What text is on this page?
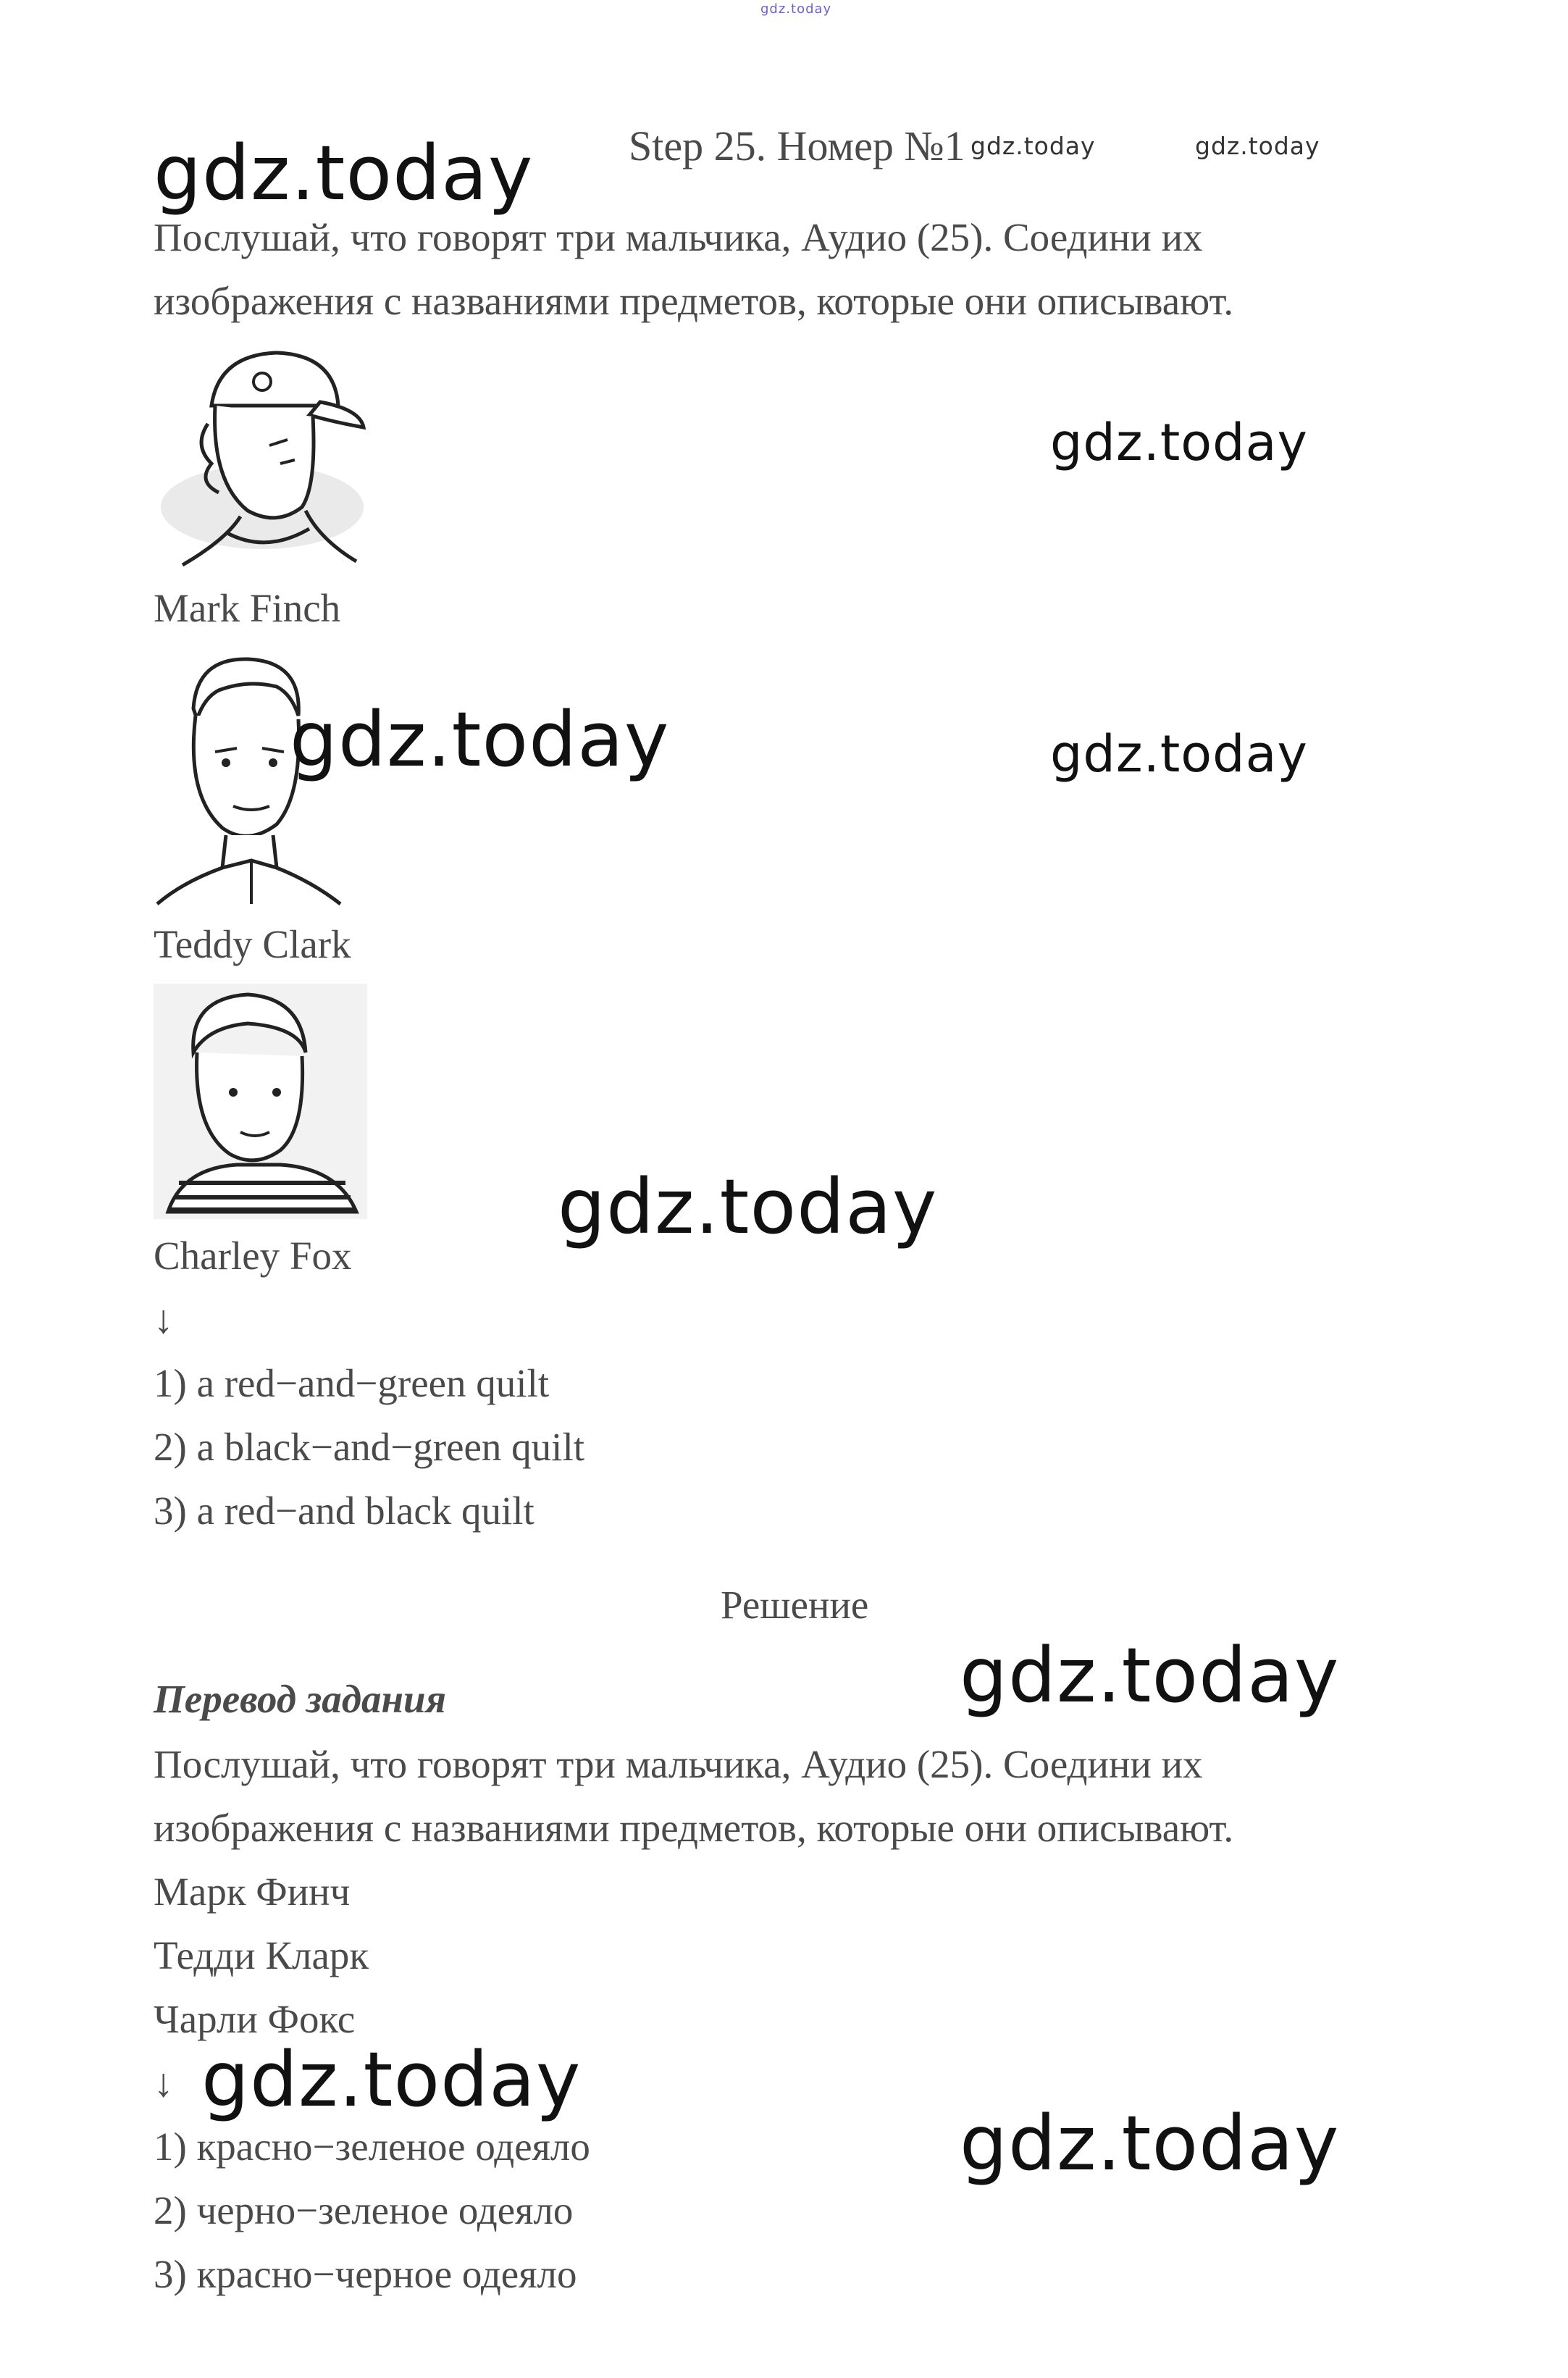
gdz.today
Step 25. Номер №1 gdz.today	gdz.today
gdz.today
Послушай, что говорят три мальчика, Аудио (25). Соедини их
изображения с названиями предметов, которые они описывают.
Mark Finch
gdz.today
gdz.today	gdz.today
Teddy Clark
gdz.today
Charley Fox
↓
1) a red−and−green quilt
2) a black−and−green quilt
3) a red−and black quilt
Решение
gdz.today
Перевод задания
Послушай, что говорят три мальчика, Аудио (25). Соедини их
изображения с названиями предметов, которые они описывают.
Марк Финч
Тедди Кларк
Чарли Фокс
↓ gdz.today
1) красно−зеленое одеяло	gdz.today
2) черно−зеленое одеяло
3) красно−черное одеяло
